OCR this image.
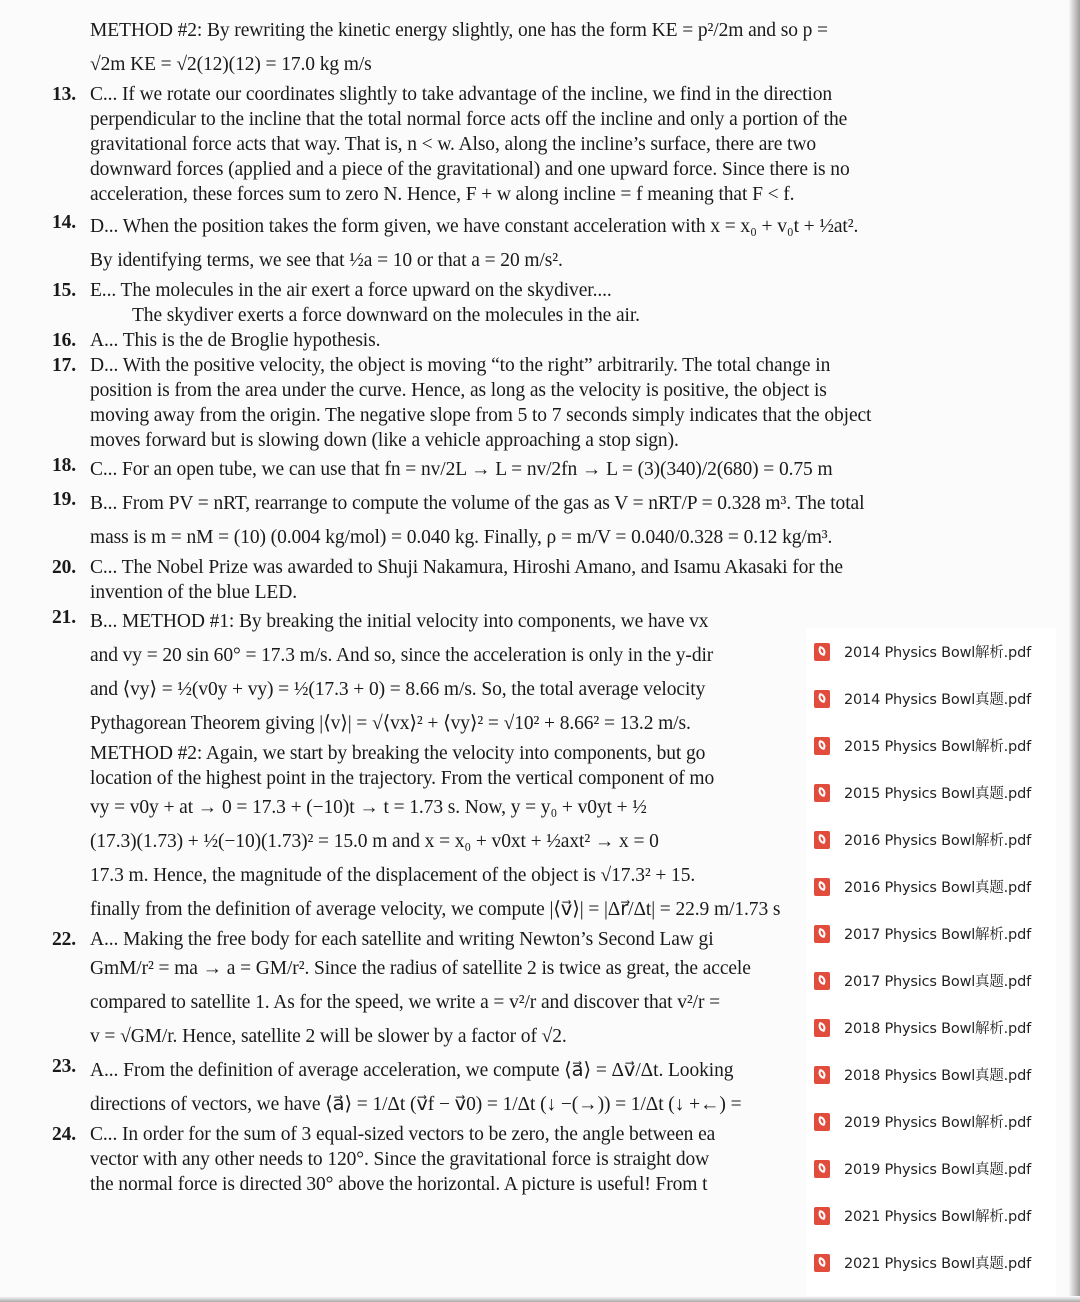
METHOD #2: By rewriting the kinetic energy slightly, one has the form KE = p²/2m and so p =
√2m KE = √2(12)(12) = 17.0 kg m/s
13. C... If we rotate our coordinates slightly to take advantage of the incline, we find in the direction
perpendicular to the incline that the total normal force acts off the incline and only a portion of the
gravitational force acts that way. That is, n < w. Also, along the incline’s surface, there are two
downward forces (applied and a piece of the gravitational) and one upward force. Since there is no
acceleration, these forces sum to zero N. Hence, F + w along incline = f meaning that F < f.
14. D... When the position takes the form given, we have constant acceleration with x = x₀ + v₀t + ½at².
By identifying terms, we see that ½a = 10 or that a = 20 m/s².
15. E... The molecules in the air exert a force upward on the skydiver....
The skydiver exerts a force downward on the molecules in the air.
16. A... This is the de Broglie hypothesis.
17. D... With the positive velocity, the object is moving “to the right” arbitrarily. The total change in
position is from the area under the curve. Hence, as long as the velocity is positive, the object is
moving away from the origin. The negative slope from 5 to 7 seconds simply indicates that the object
moves forward but is slowing down (like a vehicle approaching a stop sign).
18. C... For an open tube, we can use that fn = nv/2L → L = nv/2fn → L = (3)(340)/2(680) = 0.75 m
19. B... From PV = nRT, rearrange to compute the volume of the gas as V = nRT/P = 0.328 m³. The total
mass is m = nM = (10) (0.004 kg/mol) = 0.040 kg. Finally, ρ = m/V = 0.040/0.328 = 0.12 kg/m³.
20. C... The Nobel Prize was awarded to Shuji Nakamura, Hiroshi Amano, and Isamu Akasaki for the
invention of the blue LED.
21. B... METHOD #1: By breaking the initial velocity into components, we have vx
and vy = 20 sin 60° = 17.3 m/s. And so, since the acceleration is only in the y-dir
and ⟨vy⟩ = ½(v0y + vy) = ½(17.3 + 0) = 8.66 m/s. So, the total average velocity
Pythagorean Theorem giving |⟨v⟩| = √⟨vx⟩² + ⟨vy⟩² = √10² + 8.66² = 13.2 m/s.
METHOD #2: Again, we start by breaking the velocity into components, but go
location of the highest point in the trajectory. From the vertical component of mo
vy = v0y + at → 0 = 17.3 + (−10)t → t = 1.73 s. Now, y = y₀ + v0yt + ½
(17.3)(1.73) + ½(−10)(1.73)² = 15.0 m and x = x₀ + v0xt + ½axt² → x = 0
17.3 m. Hence, the magnitude of the displacement of the object is √17.3² + 15.
finally from the definition of average velocity, we compute |⟨v⃗⟩| = |Δr⃗/Δt| = 22.9 m/1.73 s
22. A... Making the free body for each satellite and writing Newton’s Second Law gi
GmM/r² = ma → a = GM/r². Since the radius of satellite 2 is twice as great, the accele
compared to satellite 1. As for the speed, we write a = v²/r and discover that v²/r =
v = √GM/r. Hence, satellite 2 will be slower by a factor of √2.
23. A... From the definition of average acceleration, we compute ⟨a⃗⟩ = Δv⃗/Δt. Looking
directions of vectors, we have ⟨a⃗⟩ = 1/Δt (v⃗f − v⃗0) = 1/Δt (↓ −(→)) = 1/Δt (↓ +←) =
24. C... In order for the sum of 3 equal-sized vectors to be zero, the angle between ea
vector with any other needs to 120°. Since the gravitational force is straight dow
the normal force is directed 30° above the horizontal. A picture is useful! From t
2014 Physics Bowl解析.pdf
2014 Physics Bowl真题.pdf
2015 Physics Bowl解析.pdf
2015 Physics Bowl真题.pdf
2016 Physics Bowl解析.pdf
2016 Physics Bowl真题.pdf
2017 Physics Bowl解析.pdf
2017 Physics Bowl真题.pdf
2018 Physics Bowl解析.pdf
2018 Physics Bowl真题.pdf
2019 Physics Bowl解析.pdf
2019 Physics Bowl真题.pdf
2021 Physics Bowl解析.pdf
2021 Physics Bowl真题.pdf
